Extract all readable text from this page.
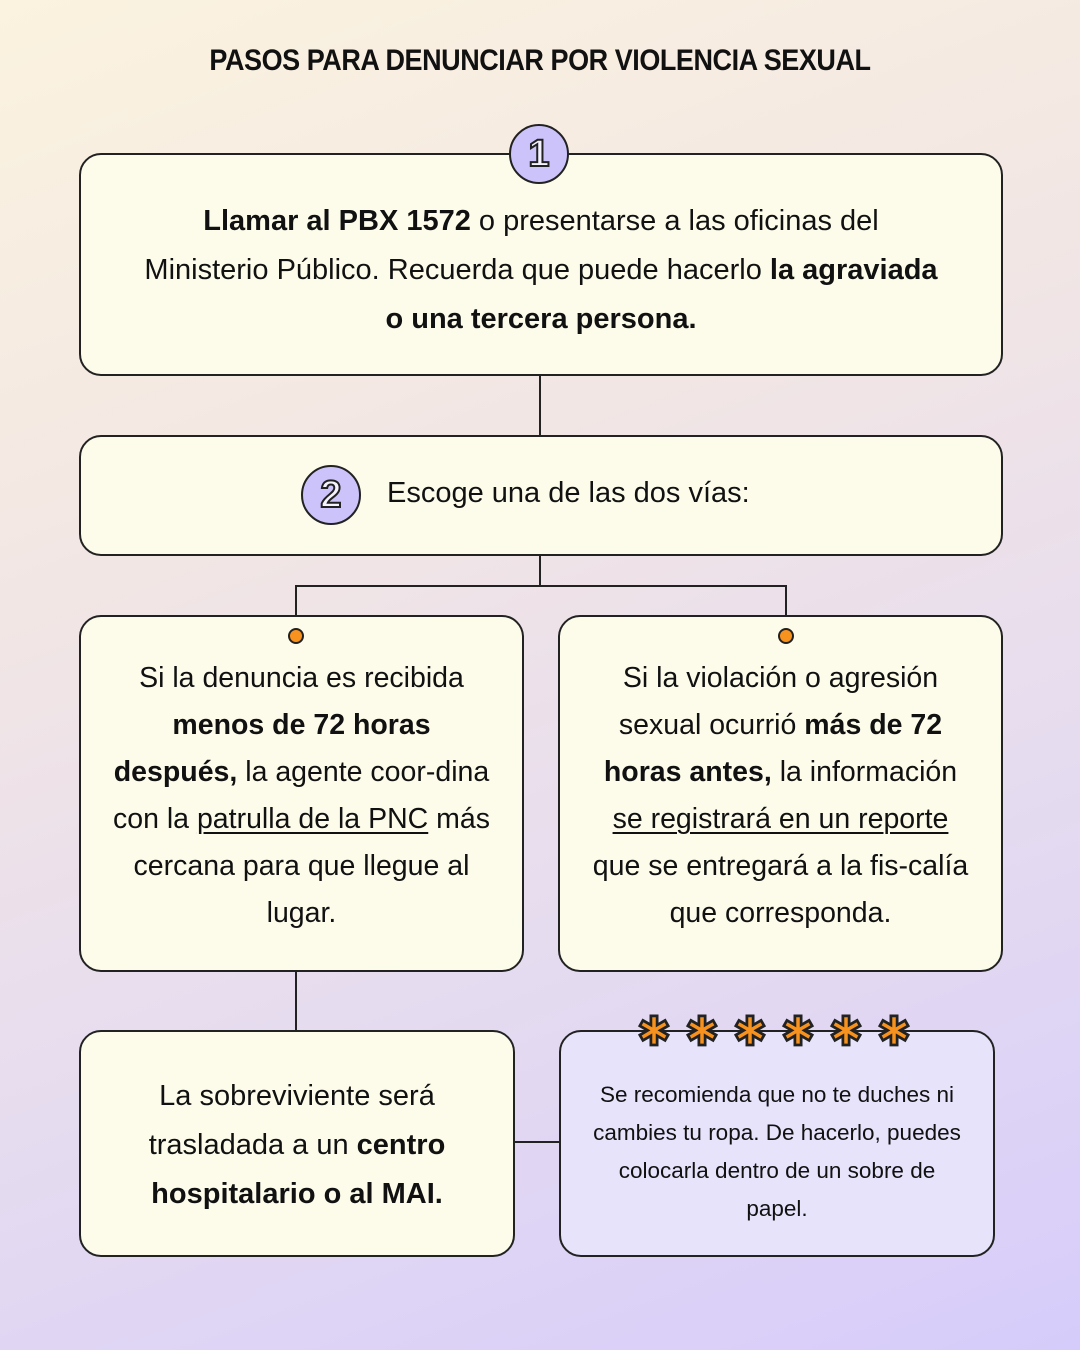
PASOS PARA DENUNCIAR POR VIOLENCIA SEXUAL

Llamar al PBX 1572 o presentarse a las oficinas del Ministerio Público. Recuerda que puede hacerlo la agraviada o una tercera persona.

1
2	Escoge una de las dos vías:

Si la denuncia es recibida menos de 72 horas después, la agente coor-dina con la patrulla de la PNC más cercana para que llegue al lugar.

Si la violación o agresión sexual ocurrió más de 72 horas antes, la información se registrará en un reporte que se entregará a la fis-calía que corresponda.

La sobreviviente será trasladada a un centro hospitalario o al MAI.

Se recomienda que no te duches ni cambies tu ropa. De hacerlo, puedes colocarla dentro de un sobre de papel.

✱ ✱ ✱ ✱ ✱ ✱
